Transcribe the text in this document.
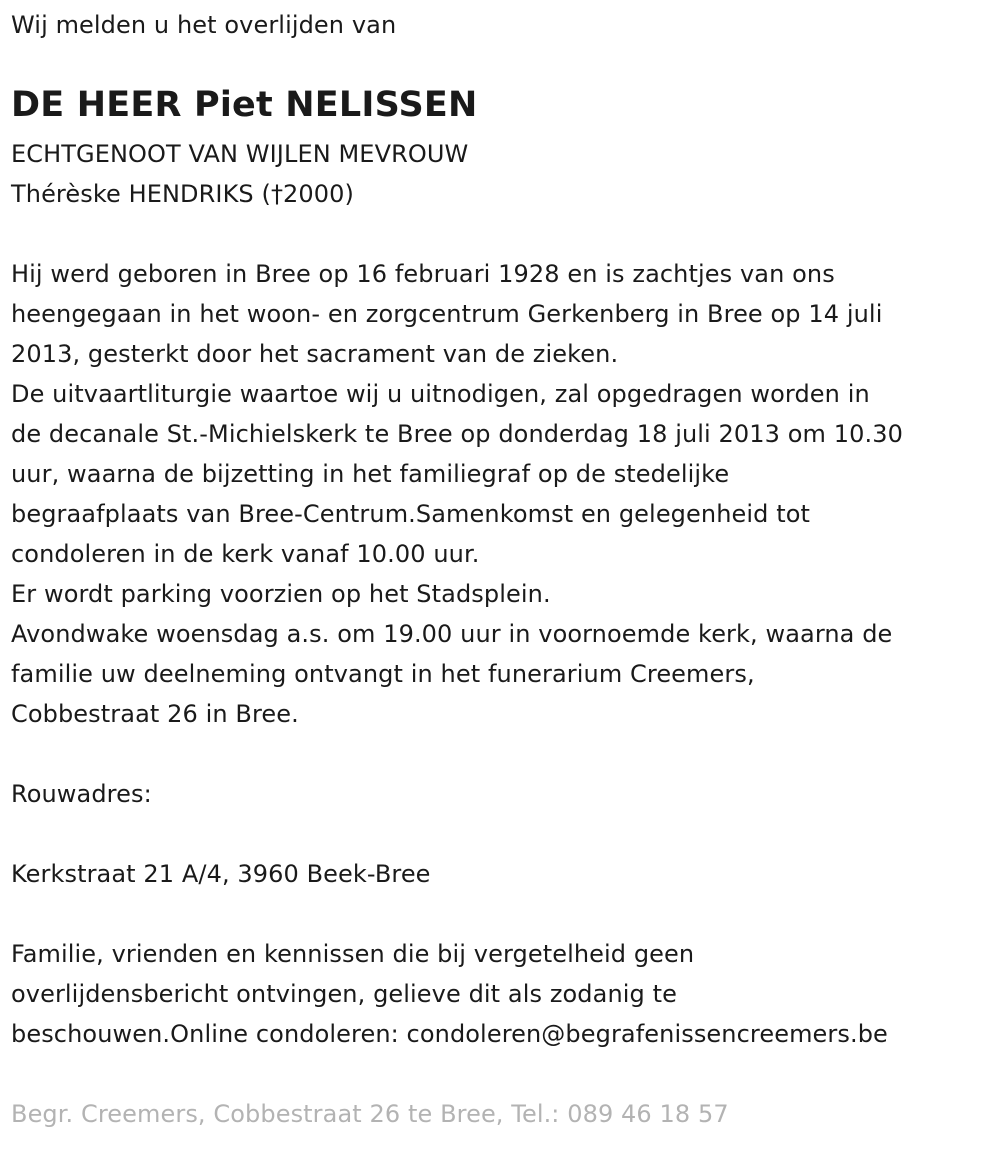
Wij melden u het overlijden van
DE HEER Piet NELISSEN
ECHTGENOOT VAN WIJLEN MEVROUW
Thérèske HENDRIKS (†2000)
Hij werd geboren in Bree op 16 februari 1928 en is zachtjes van ons
heengegaan in het woon- en zorgcentrum Gerkenberg in Bree op 14 juli
2013, gesterkt door het sacrament van de zieken.
De uitvaartliturgie waartoe wij u uitnodigen, zal opgedragen worden in
de decanale St.-Michielskerk te Bree op donderdag 18 juli 2013 om 10.30
uur, waarna de bijzetting in het familiegraf op de stedelijke
begraafplaats van Bree-Centrum.Samenkomst en gelegenheid tot
condoleren in de kerk vanaf 10.00 uur.
Er wordt parking voorzien op het Stadsplein.
Avondwake woensdag a.s. om 19.00 uur in voornoemde kerk, waarna de
familie uw deelneming ontvangt in het funerarium Creemers,
Cobbestraat 26 in Bree.
Rouwadres:
Kerkstraat 21 A/4, 3960 Beek-Bree
Familie, vrienden en kennissen die bij vergetelheid geen
overlijdensbericht ontvingen, gelieve dit als zodanig te
beschouwen.Online condoleren: condoleren@begrafenissencreemers.be
Begr. Creemers, Cobbestraat 26 te Bree, Tel.: 089 46 18 57
